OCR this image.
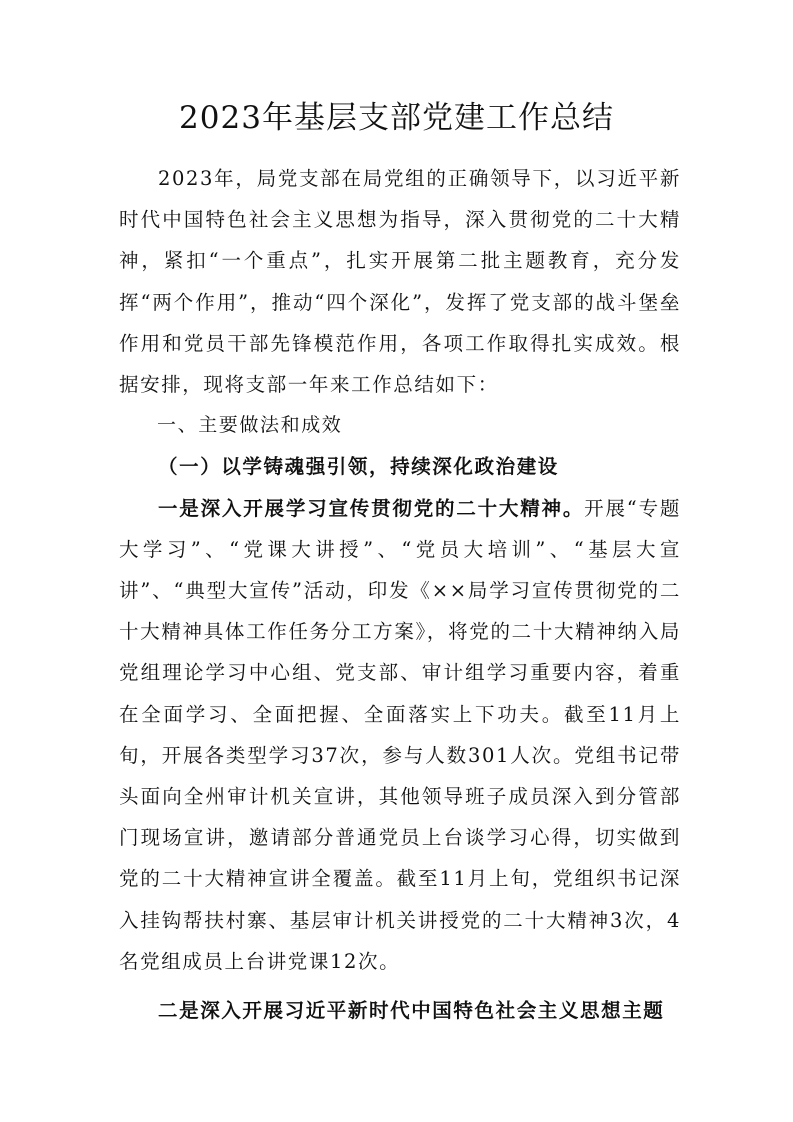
2023年基层支部党建工作总结

2023年，局党支部在局党组的正确领导下，以习近平新时代中国特色社会主义思想为指导，深入贯彻党的二十大精神，紧扣“一个重点”，扎实开展第二批主题教育，充分发挥“两个作用”，推动“四个深化”，发挥了党支部的战斗堡垒作用和党员干部先锋模范作用，各项工作取得扎实成效。根据安排，现将支部一年来工作总结如下：

一、主要做法和成效

（一）以学铸魂强引领，持续深化政治建设

一是深入开展学习宣传贯彻党的二十大精神。开展“专题大学习”、“党课大讲授”、“党员大培训”、“基层大宣讲”、“典型大宣传”活动，印发《××局学习宣传贯彻党的二十大精神具体工作任务分工方案》，将党的二十大精神纳入局党组理论学习中心组、党支部、审计组学习重要内容，着重在全面学习、全面把握、全面落实上下功夫。截至11月上旬，开展各类型学习37次，参与人数301人次。党组书记带头面向全州审计机关宣讲，其他领导班子成员深入到分管部门现场宣讲，邀请部分普通党员上台谈学习心得，切实做到党的二十大精神宣讲全覆盖。截至11月上旬，党组织书记深入挂钩帮扶村寨、基层审计机关讲授党的二十大精神3次，4名党组成员上台讲党课12次。

二是深入开展习近平新时代中国特色社会主义思想主题
